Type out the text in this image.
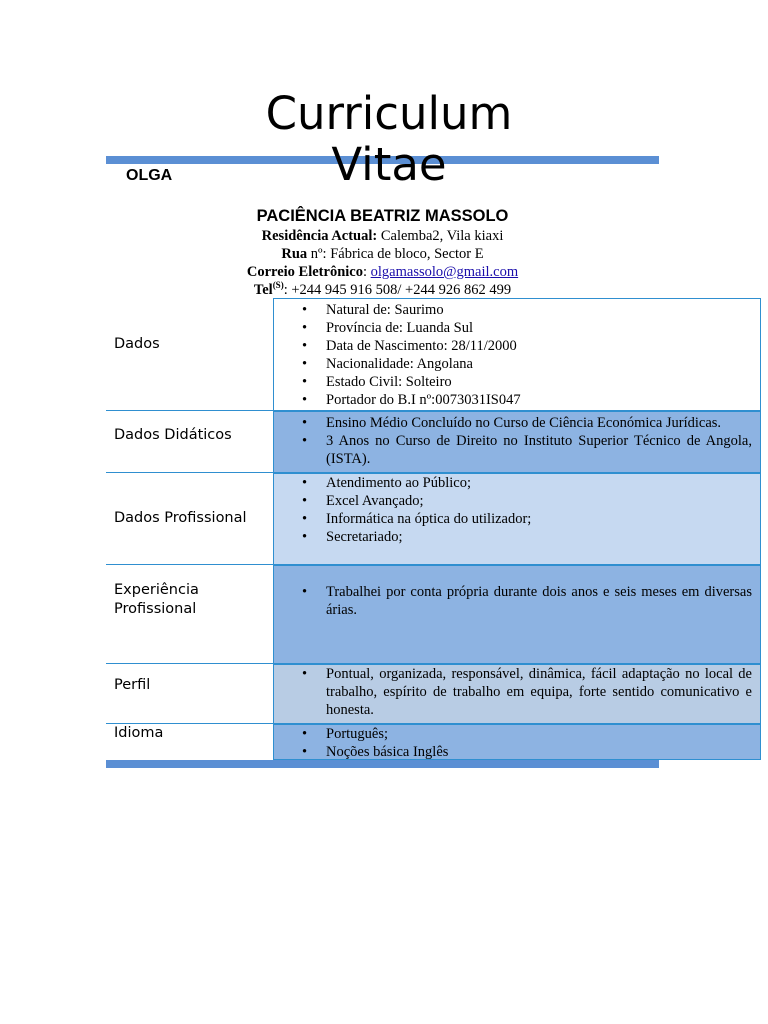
Curriculum Vitae
OLGA
PACIÊNCIA BEATRIZ MASSOLO
Residência Actual: Calemba2, Vila kiaxi
Rua nº: Fábrica de bloco, Sector E
Correio Eletrônico: olgamassolo@gmail.com
Tel$^{(S)}$: +244 945 916 508/ +244 926 862 499
Dados
• Natural de: Saurimo
• Província de: Luanda Sul
• Data de Nascimento: 28/11/2000
• Nacionalidade: Angolana
• Estado Civil: Solteiro
• Portador do B.I nº:0073031IS047
Dados Didáticos
• Ensino Médio Concluído no Curso de Ciência Económica Jurídicas.
• 3 Anos no Curso de Direito no Instituto Superior Técnico de Angola, (ISTA).
Dados Profissional
• Atendimento ao Público;
• Excel Avançado;
• Informática na óptica do utilizador;
• Secretariado;
Experiência Profissional
• Trabalhei por conta própria durante dois anos e seis meses em diversas árias.
Perfil
• Pontual, organizada, responsável, dinâmica, fácil adaptação no local de trabalho, espírito de trabalho em equipa, forte sentido comunicativo e honesta.
Idioma
•	Português;
• Noções básica Inglês
